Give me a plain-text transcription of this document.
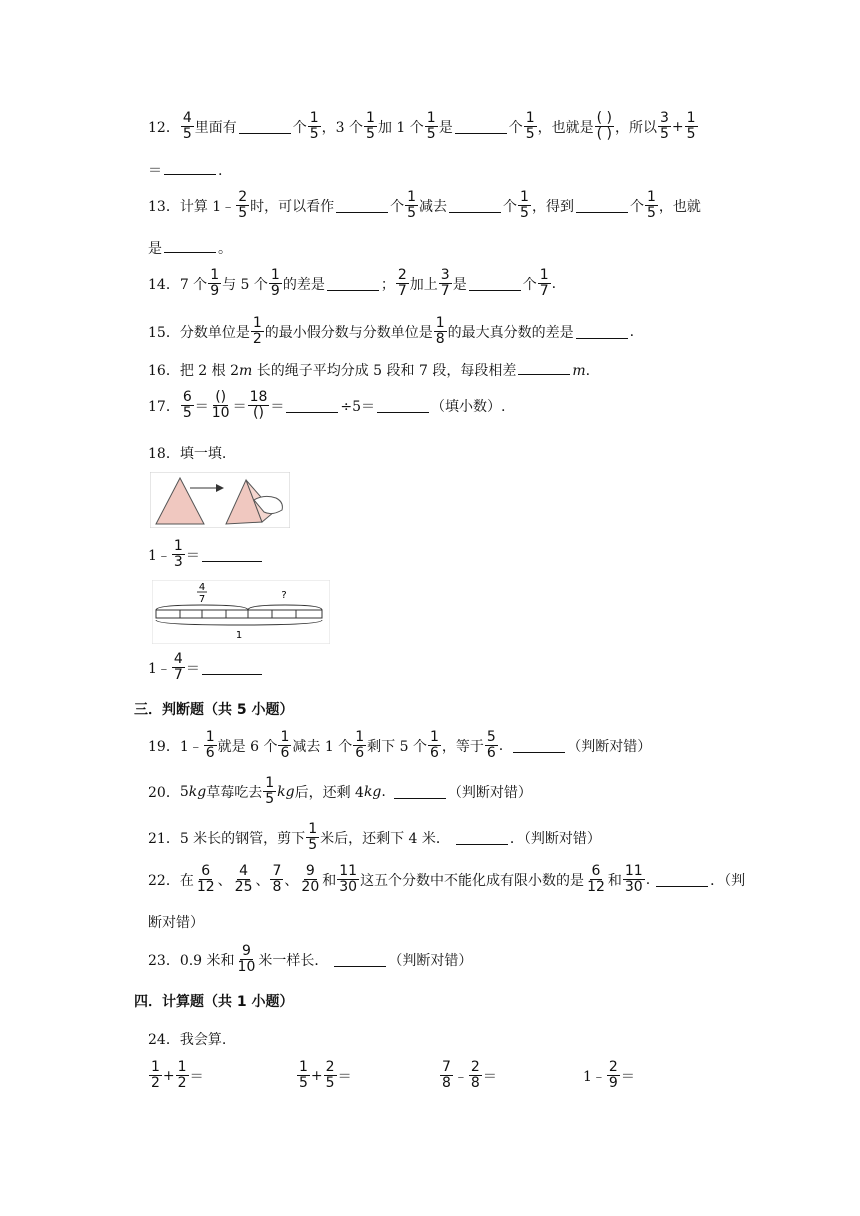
12． $\frac{4}{5}$ 里面有	个 $\frac{1}{5}$ ，3 个 $\frac{1}{5}$ 加 1 个 $\frac{1}{5}$ 是	个 $\frac{1}{5}$ ，也就是 $\frac{( )}{( )}$ ，所以 $\frac{3}{5} + \frac{1}{5}$
＝	.
13． 计算 1﹣ $\frac{2}{5}$ 时，可以看作	个 $\frac{1}{5}$ 减去	个 $\frac{1}{5}$ ，得到	个 $\frac{1}{5}$ ，也就
是	。
14． 7 个 $\frac{1}{9}$ 与 5 个 $\frac{1}{9}$ 的差是	； $\frac{2}{7}$ 加上 $\frac{3}{7}$ 是	个 $\frac{1}{7}$ .
15． 分数单位是 $\frac{1}{2}$ 的最小假分数与分数单位是 $\frac{1}{8}$ 的最大真分数的差是	.
16．把 2 根 2m 长的绳子平均分成 5 段和 7 段，每段相差	m.
17． $\frac{6}{5} = \frac{()}{10} = \frac{18}{()}$ ＝	÷5＝	（填小数）.
18．填一填.
1﹣ $\frac{1}{3}$ ＝
4
7	?
1
1﹣ $\frac{4}{7}$ ＝
三．判断题（共 5 小题）
19． 1﹣ $\frac{1}{6}$ 就是 6 个 $\frac{1}{6}$ 减去 1 个 $\frac{1}{6}$ 剩下 5 个 $\frac{1}{6}$ ，等于 $\frac{5}{6}$ .	（判断对错）
20． 5 kg 草莓吃去 $\frac{1}{5}$ kg 后，还剩 4 kg .	（判断对错）
21． 5 米长的钢管，剪下 $\frac{1}{5}$ 米后，还剩下 4 米．	．（判断对错）
22． 在 $\frac{6}{12}$ 、 $\frac{4}{25}$ 、 $\frac{7}{8}$ 、 $\frac{9}{20}$ 和 $\frac{11}{30}$ 这五个分数中不能化成有限小数的是 $\frac{6}{12}$ 和 $\frac{11}{30}$ .	．（判
断对错）
23． 0.9 米和 $\frac{9}{10}$ 米一样长．	（判断对错）
四．计算题（共 1 小题）
24．我会算.
$\frac{1}{2} + \frac{1}{2}$ ＝	$\frac{1}{5} + \frac{2}{5}$ ＝	$\frac{7}{8}$ ﹣ $\frac{2}{8}$ ＝	1﹣ $\frac{2}{9}$ ＝
